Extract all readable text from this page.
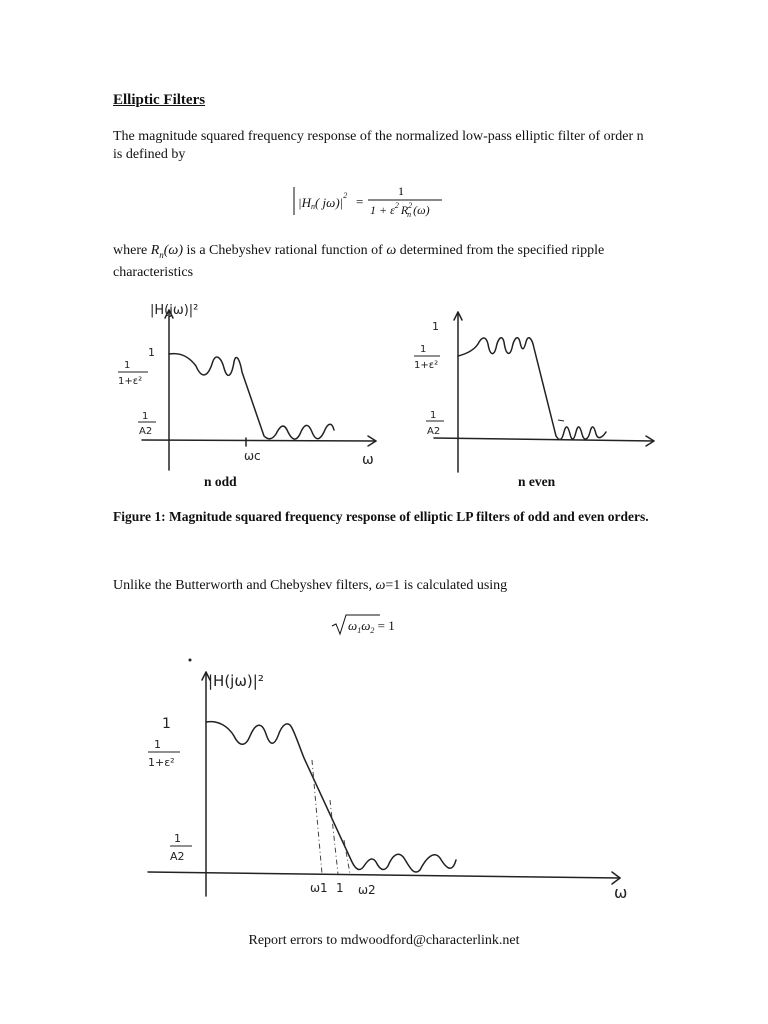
Elliptic Filters
The magnitude squared frequency response of the normalized low-pass elliptic filter of order n is defined by
|Hn( $j\omega)|^2$ =
1
$1 + \varepsilon^2$ $R^2$ n (ω)
where $R_n(\omega)$ is a Chebyshev rational function of ω determined from the specified ripple characteristics
|H(jω)|²
1
1
1+ε²
1
A2
ωc	ω
1
1
1+ε²
1
A2
n odd	n even
Figure 1: Magnitude squared frequency response of elliptic LP filters of odd and even orders.
Unlike the Butterworth and Chebyshev filters, ω=1 is calculated using
$\omega_1\omega_2 = 1$
|H(jω)|²
1
1
1+ε²
1
A2
ω1 1 ω2	ω
Report errors to mdwoodford@characterlink.net
